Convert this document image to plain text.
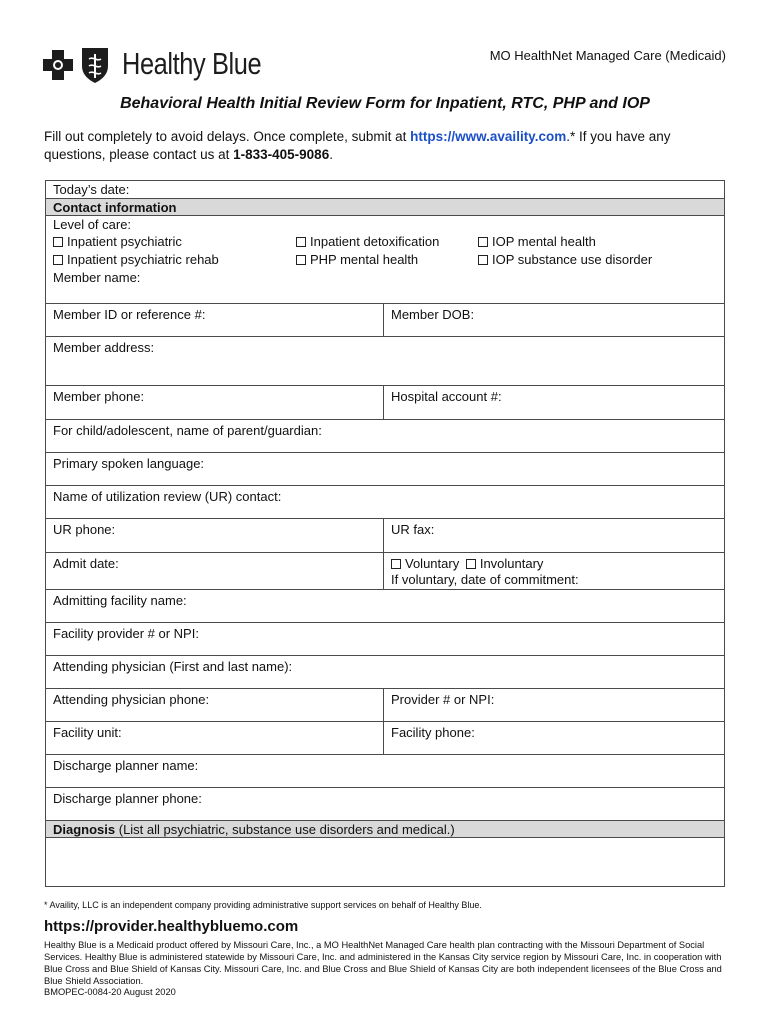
Healthy Blue	MO HealthNet Managed Care (Medicaid)
Behavioral Health Initial Review Form for Inpatient, RTC, PHP and IOP
Fill out completely to avoid delays. Once complete, submit at https://www.availity.com.* If you have any questions, please contact us at 1-833-405-9086.
Today’s date:
Contact information
Level of care:
Inpatient psychiatric
Inpatient psychiatric rehab
Inpatient detoxification
PHP mental health
IOP mental health
IOP substance use disorder
Member name:
Member ID or reference #:	Member DOB:
Member address:
Member phone:	Hospital account #:
For child/adolescent, name of parent/guardian:
Primary spoken language:
Name of utilization review (UR) contact:
UR phone:	UR fax:
Admit date:	Voluntary Involuntary
If voluntary, date of commitment:
Admitting facility name:
Facility provider # or NPI:
Attending physician (First and last name):
Attending physician phone:	Provider # or NPI:
Facility unit:	Facility phone:
Discharge planner name:
Discharge planner phone:
Diagnosis (List all psychiatric, substance use disorders and medical.)
* Availity, LLC is an independent company providing administrative support services on behalf of Healthy Blue.
https://provider.healthybluemo.com
Healthy Blue is a Medicaid product offered by Missouri Care, Inc., a MO HealthNet Managed Care health plan contracting with the Missouri Department of Social Services. Healthy Blue is administered statewide by Missouri Care, Inc. and administered in the Kansas City service region by Missouri Care, Inc. in cooperation with Blue Cross and Blue Shield of Kansas City. Missouri Care, Inc. and Blue Cross and Blue Shield of Kansas City are both independent licensees of the Blue Cross and Blue Shield Association.
BMOPEC-0084-20 August 2020
